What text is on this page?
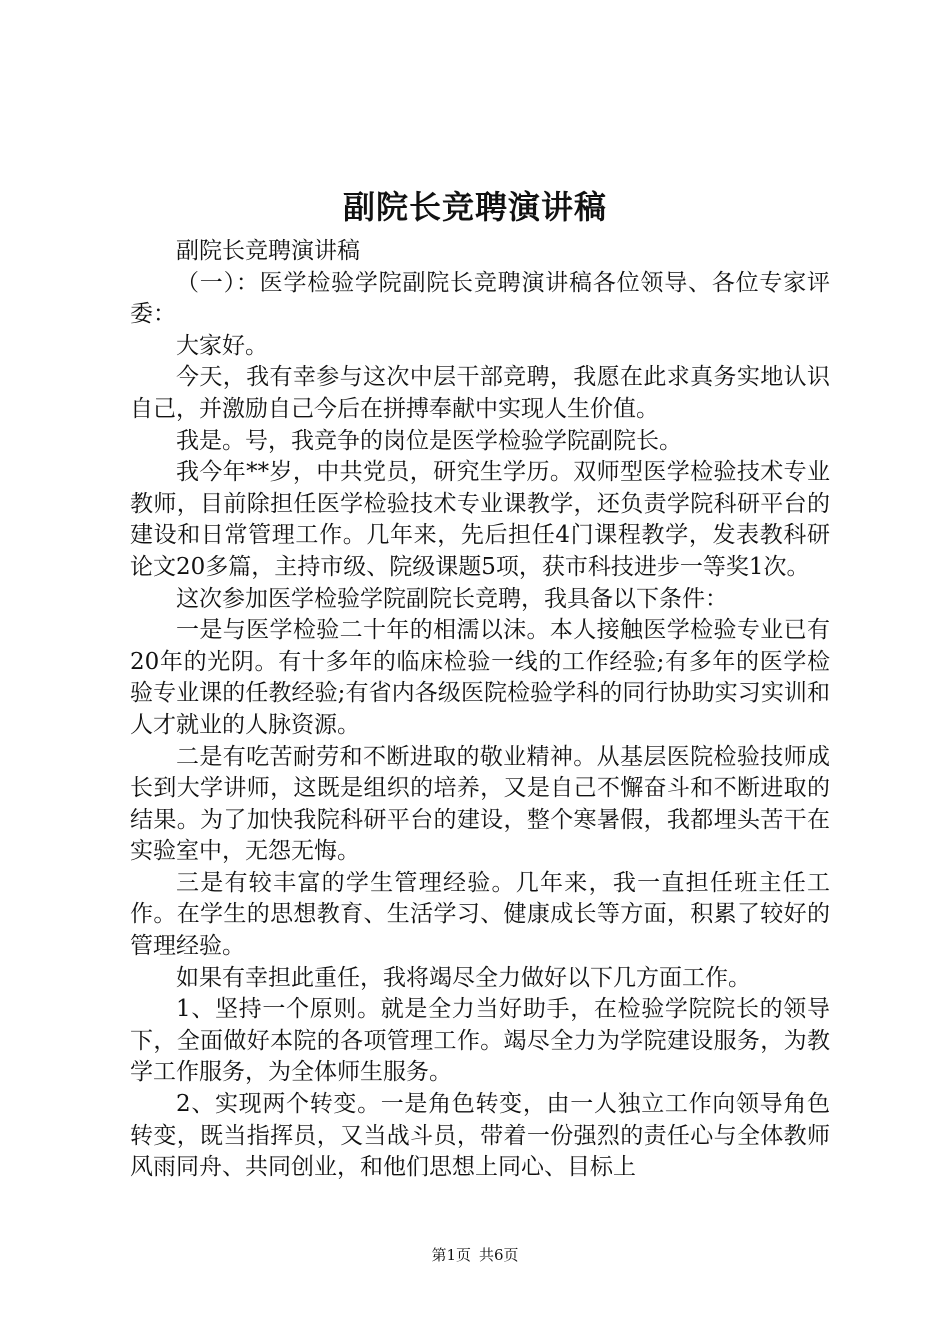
副院长竞聘演讲稿

副院长竞聘演讲稿

（一）：医学检验学院副院长竞聘演讲稿各位领导、各位专家评委：

大家好。

今天，我有幸参与这次中层干部竞聘，我愿在此求真务实地认识自己，并激励自己今后在拼搏奉献中实现人生价值。

我是。号，我竞争的岗位是医学检验学院副院长。

我今年**岁，中共党员，研究生学历。双师型医学检验技术专业教师，目前除担任医学检验技术专业课教学，还负责学院科研平台的建设和日常管理工作。几年来，先后担任4门课程教学，发表教科研论文20多篇，主持市级、院级课题5项，获市科技进步一等奖1次。

这次参加医学检验学院副院长竞聘，我具备以下条件：

一是与医学检验二十年的相濡以沫。本人接触医学检验专业已有20年的光阴。有十多年的临床检验一线的工作经验;有多年的医学检验专业课的任教经验;有省内各级医院检验学科的同行协助实习实训和人才就业的人脉资源。

二是有吃苦耐劳和不断进取的敬业精神。从基层医院检验技师成长到大学讲师，这既是组织的培养，又是自己不懈奋斗和不断进取的结果。为了加快我院科研平台的建设，整个寒暑假，我都埋头苦干在实验室中，无怨无悔。

三是有较丰富的学生管理经验。几年来，我一直担任班主任工作。在学生的思想教育、生活学习、健康成长等方面，积累了较好的管理经验。

如果有幸担此重任，我将竭尽全力做好以下几方面工作。

1、坚持一个原则。就是全力当好助手，在检验学院院长的领导下，全面做好本院的各项管理工作。竭尽全力为学院建设服务，为教学工作服务，为全体师生服务。

2、实现两个转变。一是角色转变，由一人独立工作向领导角色转变，既当指挥员，又当战斗员，带着一份强烈的责任心与全体教师风雨同舟、共同创业，和他们思想上同心、目标上

第1页 共6页
